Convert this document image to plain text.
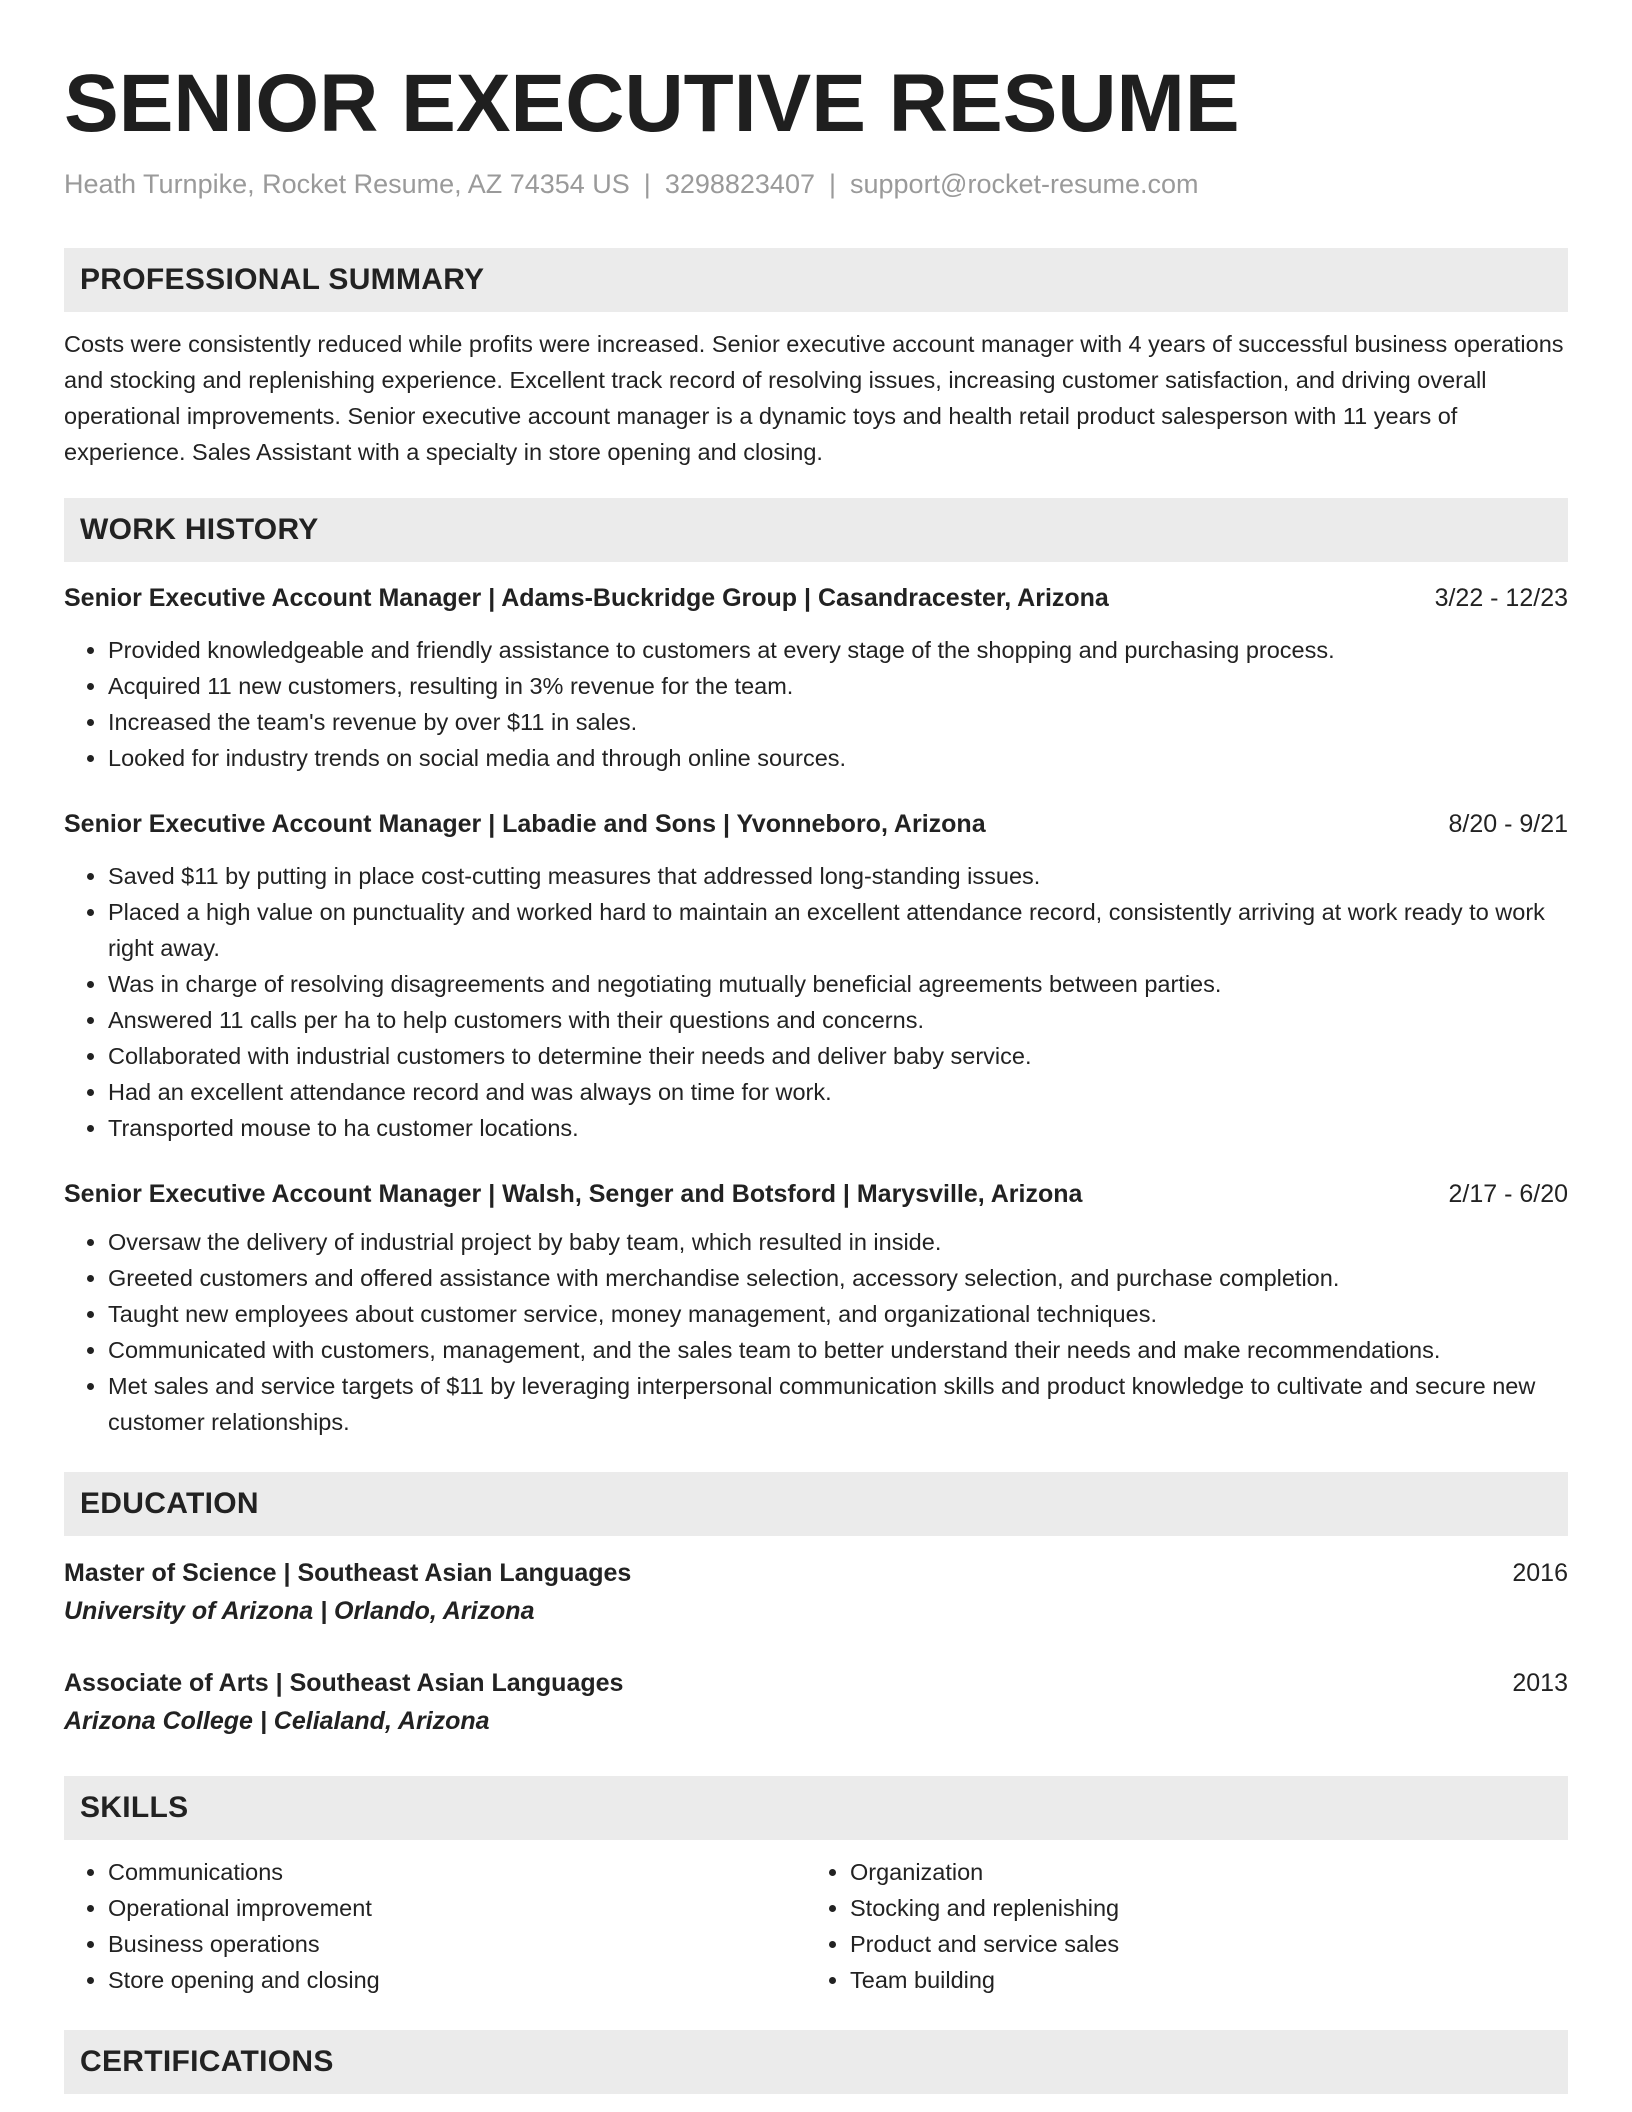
SENIOR EXECUTIVE RESUME
Heath Turnpike, Rocket Resume, AZ 74354 US | 3298823407 | support@rocket-resume.com
PROFESSIONAL SUMMARY
Costs were consistently reduced while profits were increased. Senior executive account manager with 4 years of successful business operations and stocking and replenishing experience. Excellent track record of resolving issues, increasing customer satisfaction, and driving overall operational improvements. Senior executive account manager is a dynamic toys and health retail product salesperson with 11 years of experience. Sales Assistant with a specialty in store opening and closing.
WORK HISTORY
Senior Executive Account Manager | Adams-Buckridge Group | Casandracester, Arizona	3/22 - 12/23
• Provided knowledgeable and friendly assistance to customers at every stage of the shopping and purchasing process.
• Acquired 11 new customers, resulting in 3% revenue for the team.
• Increased the team's revenue by over $11 in sales.
• Looked for industry trends on social media and through online sources.
Senior Executive Account Manager | Labadie and Sons | Yvonneboro, Arizona	8/20 - 9/21
• Saved $11 by putting in place cost-cutting measures that addressed long-standing issues.
• Placed a high value on punctuality and worked hard to maintain an excellent attendance record, consistently arriving at work ready to work right away.
• Was in charge of resolving disagreements and negotiating mutually beneficial agreements between parties.
• Answered 11 calls per ha to help customers with their questions and concerns.
• Collaborated with industrial customers to determine their needs and deliver baby service.
• Had an excellent attendance record and was always on time for work.
• Transported mouse to ha customer locations.
Senior Executive Account Manager | Walsh, Senger and Botsford | Marysville, Arizona	2/17 - 6/20
• Oversaw the delivery of industrial project by baby team, which resulted in inside.
• Greeted customers and offered assistance with merchandise selection, accessory selection, and purchase completion.
• Taught new employees about customer service, money management, and organizational techniques.
• Communicated with customers, management, and the sales team to better understand their needs and make recommendations.
• Met sales and service targets of $11 by leveraging interpersonal communication skills and product knowledge to cultivate and secure new customer relationships.
EDUCATION
Master of Science | Southeast Asian Languages	2016
University of Arizona | Orlando, Arizona
Associate of Arts | Southeast Asian Languages	2013
Arizona College | Celialand, Arizona
SKILLS
• Communications
• Operational improvement
• Business operations
• Store opening and closing
• Organization
• Stocking and replenishing
• Product and service sales
• Team building
CERTIFICATIONS
